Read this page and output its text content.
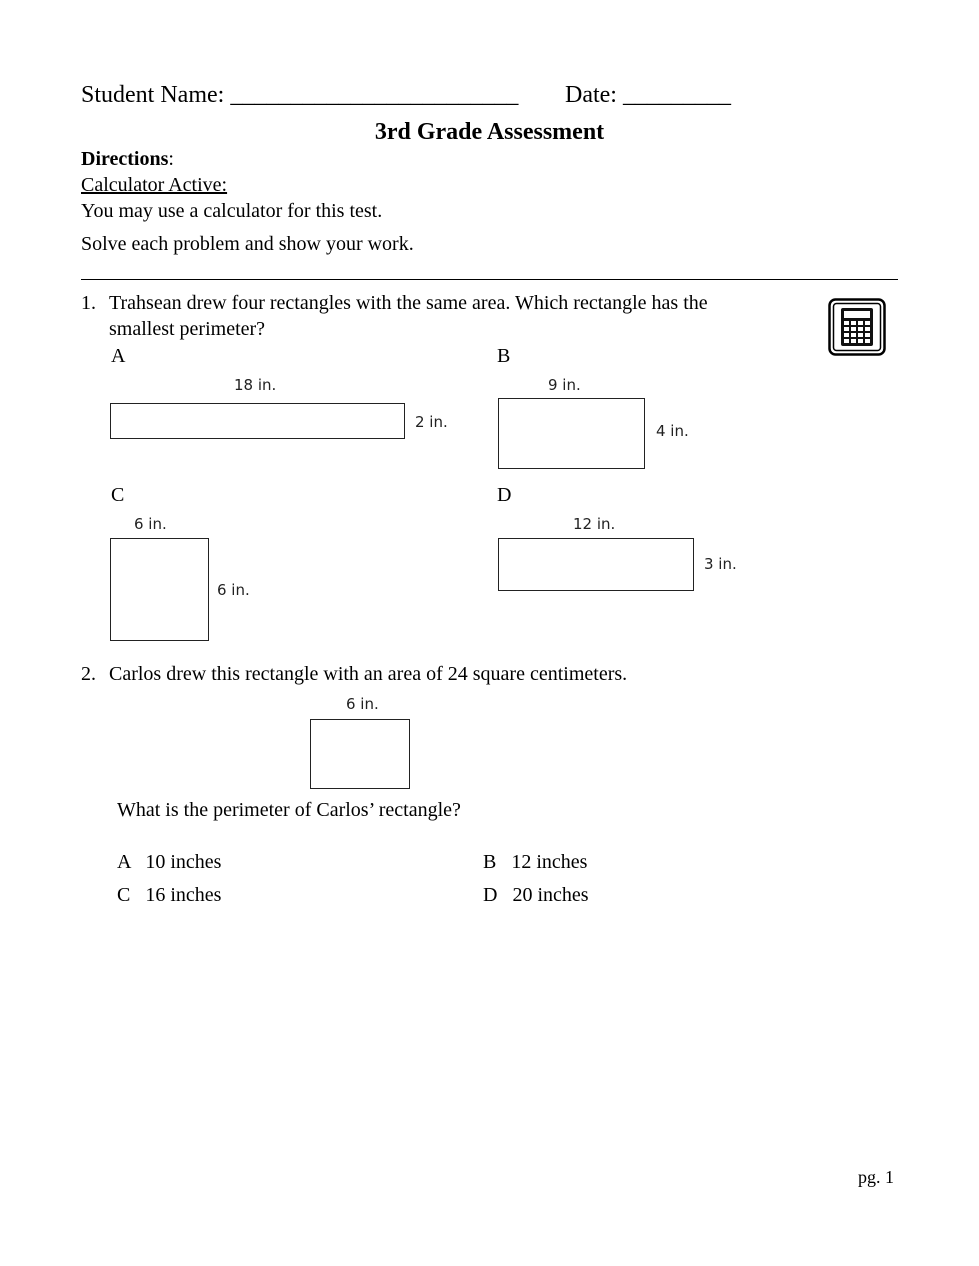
Student Name: ________________________ Date: _________
3rd Grade Assessment
Directions:
Calculator Active:
You may use a calculator for this test.
Solve each problem and show your work.
1. Trahsean drew four rectangles with the same area. Which rectangle has the
smallest perimeter?
A
18 in.
2 in.
B
9 in.
4 in.
C
6 in.
6 in.
D
12 in.
3 in.
2. Carlos drew this rectangle with an area of 24 square centimeters.
6 in.
What is the perimeter of Carlos’ rectangle?
A 10 inches	B 12 inches
C 16 inches	D 20 inches
pg. 1
